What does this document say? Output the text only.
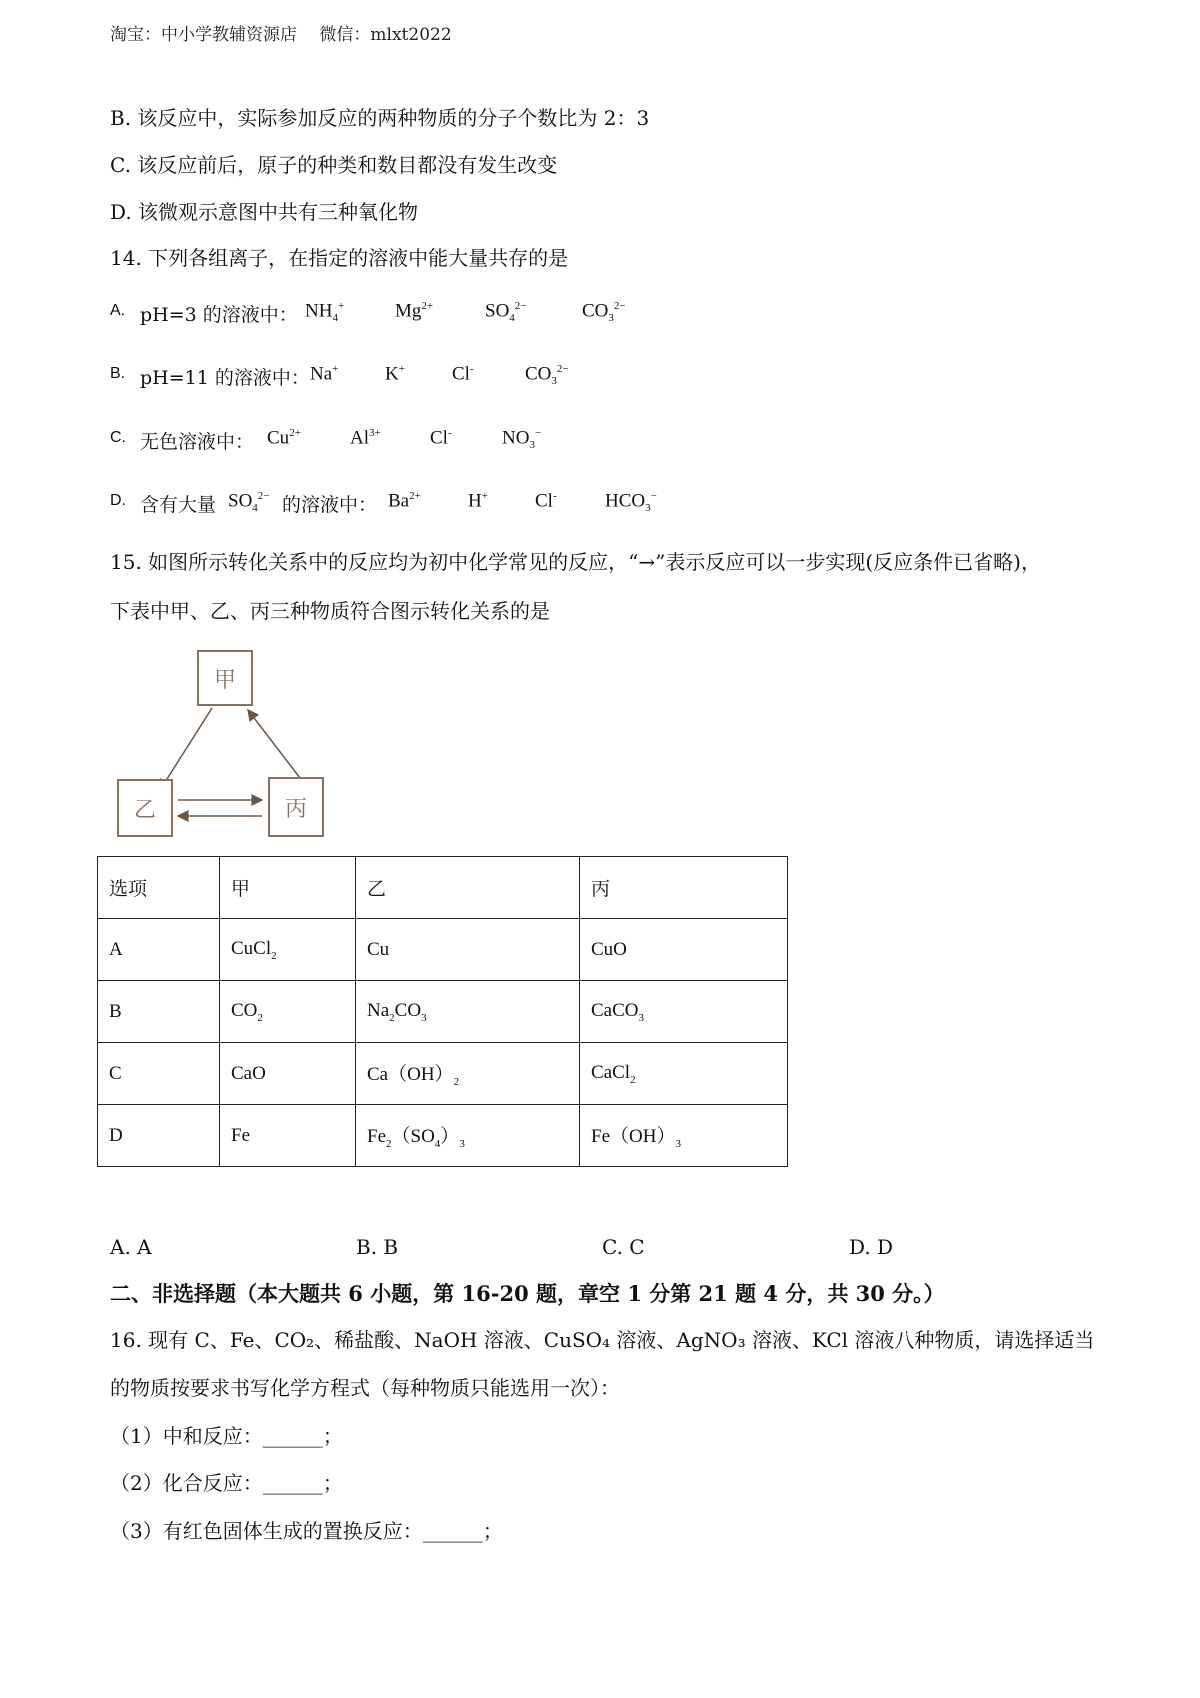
淘宝：中小学教辅资源店　 微信：mlxt2022
B. 该反应中，实际参加反应的两种物质的分子个数比为 2：3
C. 该反应前后，原子的种类和数目都没有发生改变
D. 该微观示意图中共有三种氧化物
14. 下列各组离子，在指定的溶液中能大量共存的是
A. pH=3 的溶液中： $NH_4^+$	$Mg^{2+}$	$SO_4^{2-}$	$CO_3^{2-}$
B. pH=11 的溶液中： Na+ K+ Cl-	$CO_3^{2-}$
C. 无色溶液中： $Cu^{2+}$	$Al^{3+}$	Cl-	$NO_3^-$
D. 含有大量 $SO_4^{2-}$ 的溶液中： $Ba^{2+}$ H+ Cl-	$HCO_3^-$
15. 如图所示转化关系中的反应均为初中化学常见的反应，“→”表示反应可以一步实现(反应条件已省略)，
下表中甲、乙、丙三种物质符合图示转化关系的是
甲
乙	丙
选项	甲	乙	丙
A	CuCl$_2$	Cu	CuO
B	$CO_2$	$Na_2CO_3$	CaCO$_3$
C	CaO	$Ca(OH)_2$	CaCl$_2$
D	Fe	$Fe_2(SO_4)_3$	$Fe(OH)_3$
A. A	B. B	C. C	D. D
二、非选择题（本大题共 6 小题，第 16-20 题，章空 1 分第 21 题 4 分，共 30 分。）
16. 现有 C、Fe、CO₂、稀盐酸、NaOH 溶液、CuSO₄ 溶液、AgNO₃ 溶液、KCl 溶液八种物质，请选择适当
的物质按要求书写化学方程式（每种物质只能选用一次）：
（1）中和反应：______；
（2）化合反应：______；
（3）有红色固体生成的置换反应：______；
